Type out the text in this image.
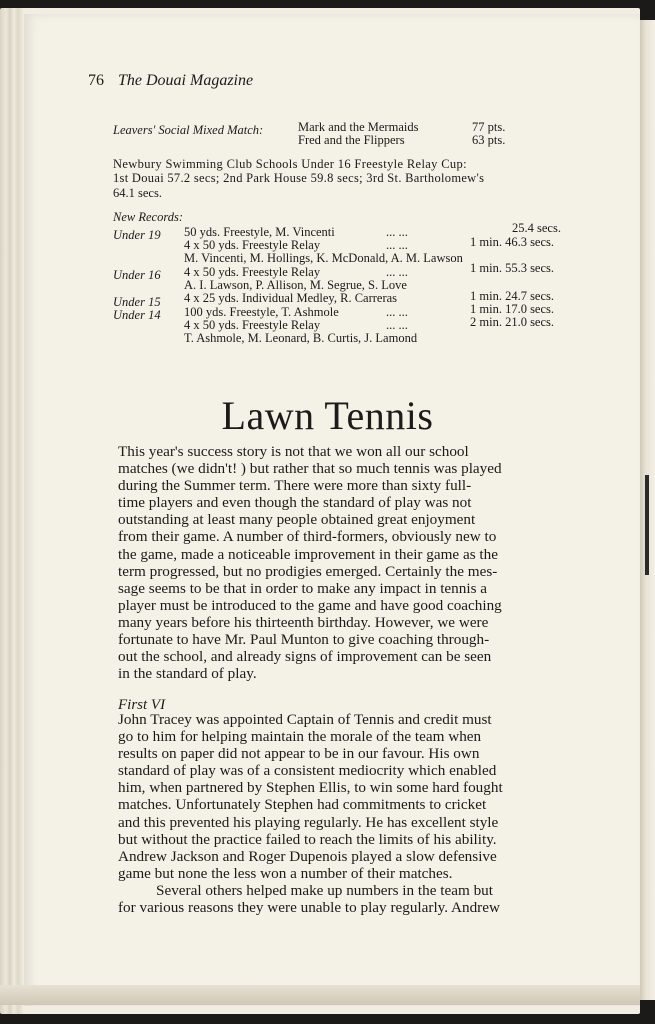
76 The Douai Magazine
Leavers' Social Mixed Match:	Mark and the Mermaids	77 pts.
Fred and the Flippers	63 pts.
Newbury Swimming Club Schools Under 16 Freestyle Relay Cup:
1st Douai 57.2 secs; 2nd Park House 59.8 secs; 3rd St. Bartholomew's
64.1 secs.
New Records:
Under 19 50 yds. Freestyle, M. Vincenti	... ...	25.4 secs.
4 x 50 yds. Freestyle Relay	... ...	1 min. 46.3 secs.
M. Vincenti, M. Hollings, K. McDonald, A. M. Lawson
Under 16 4 x 50 yds. Freestyle Relay	... ...	1 min. 55.3 secs.
A. I. Lawson, P. Allison, M. Segrue, S. Love
Under 15 4 x 25 yds. Individual Medley, R. Carreras	1 min. 24.7 secs.
Under 14 100 yds. Freestyle, T. Ashmole	... ...	1 min. 17.0 secs.
4 x 50 yds. Freestyle Relay	... ...	2 min. 21.0 secs.
T. Ashmole, M. Leonard, B. Curtis, J. Lamond
Lawn Tennis
This year's success story is not that we won all our school
matches (we didn't! ) but rather that so much tennis was played
during the Summer term. There were more than sixty full-
time players and even though the standard of play was not
outstanding at least many people obtained great enjoyment
from their game. A number of third-formers, obviously new to
the game, made a noticeable improvement in their game as the
term progressed, but no prodigies emerged. Certainly the mes-
sage seems to be that in order to make any impact in tennis a
player must be introduced to the game and have good coaching
many years before his thirteenth birthday. However, we were
fortunate to have Mr. Paul Munton to give coaching through-
out the school, and already signs of improvement can be seen
in the standard of play.
First VI
John Tracey was appointed Captain of Tennis and credit must
go to him for helping maintain the morale of the team when
results on paper did not appear to be in our favour. His own
standard of play was of a consistent mediocrity which enabled
him, when partnered by Stephen Ellis, to win some hard fought
matches. Unfortunately Stephen had commitments to cricket
and this prevented his playing regularly. He has excellent style
but without the practice failed to reach the limits of his ability.
Andrew Jackson and Roger Dupenois played a slow defensive
game but none the less won a number of their matches.
Several others helped make up numbers in the team but
for various reasons they were unable to play regularly. Andrew
